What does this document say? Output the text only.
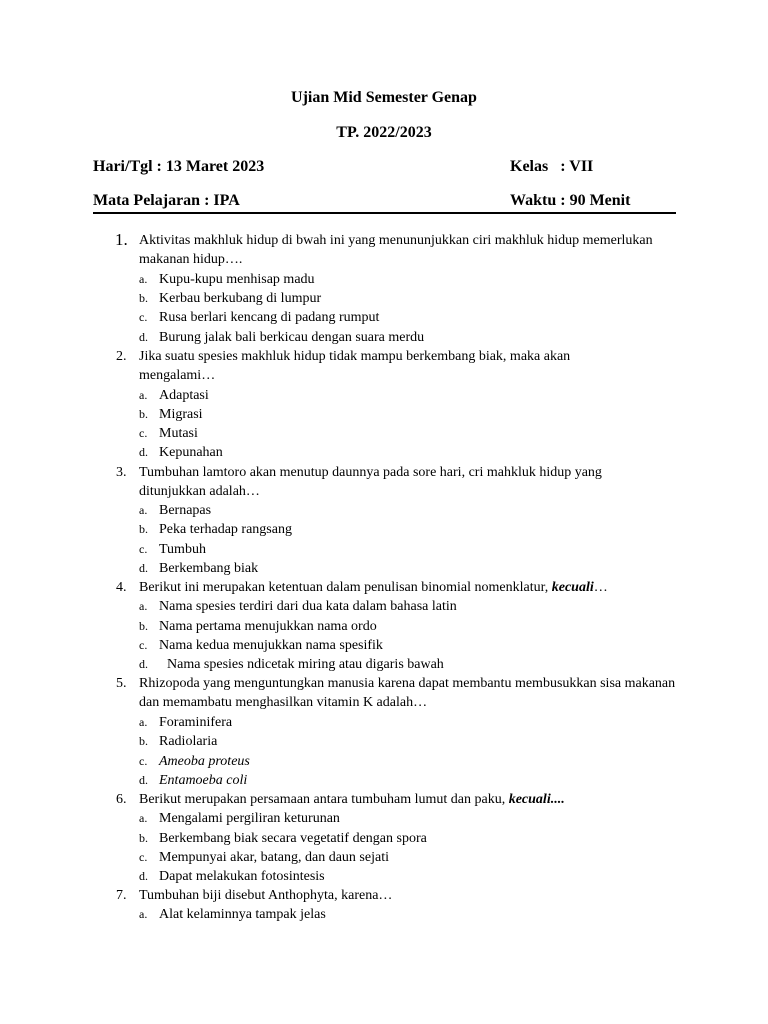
Ujian Mid Semester Genap
TP. 2022/2023
Hari/Tgl : 13 Maret 2023	Kelas   : VII
Mata Pelajaran : IPA	Waktu : 90 Menit
1. Aktivitas makhluk hidup di bwah ini yang menununjukkan ciri makhluk hidup memerlukan makanan hidup….
a. Kupu-kupu menhisap madu
b. Kerbau berkubang di lumpur
c. Rusa berlari kencang di padang rumput
d. Burung jalak bali berkicau dengan suara merdu
2. Jika suatu spesies makhluk hidup tidak mampu berkembang biak, maka akan mengalami…
a. Adaptasi
b. Migrasi
c. Mutasi
d. Kepunahan
3. Tumbuhan lamtoro akan menutup daunnya pada sore hari, cri mahkluk hidup yang ditunjukkan adalah…
a. Bernapas
b. Peka terhadap rangsang
c. Tumbuh
d. Berkembang biak
4. Berikut ini merupakan ketentuan dalam penulisan binomial nomenklatur, kecuali…
a. Nama spesies terdiri dari dua kata dalam bahasa latin
b. Nama pertama menujukkan nama ordo
c. Nama kedua menujukkan nama spesifik
d. Nama spesies ndicetak miring atau digaris bawah
5. Rhizopoda yang menguntungkan manusia karena dapat membantu membusukkan sisa makanan dan memambatu menghasilkan vitamin K adalah…
a. Foraminifera
b. Radiolaria
c. Ameoba proteus
d. Entamoeba coli
6. Berikut merupakan persamaan antara tumbuham lumut dan paku, kecuali....
a. Mengalami pergiliran keturunan
b. Berkembang biak secara vegetatif dengan spora
c. Mempunyai akar, batang, dan daun sejati
d. Dapat melakukan fotosintesis
7. Tumbuhan biji disebut Anthophyta, karena…
a. Alat kelaminnya tampak jelas
